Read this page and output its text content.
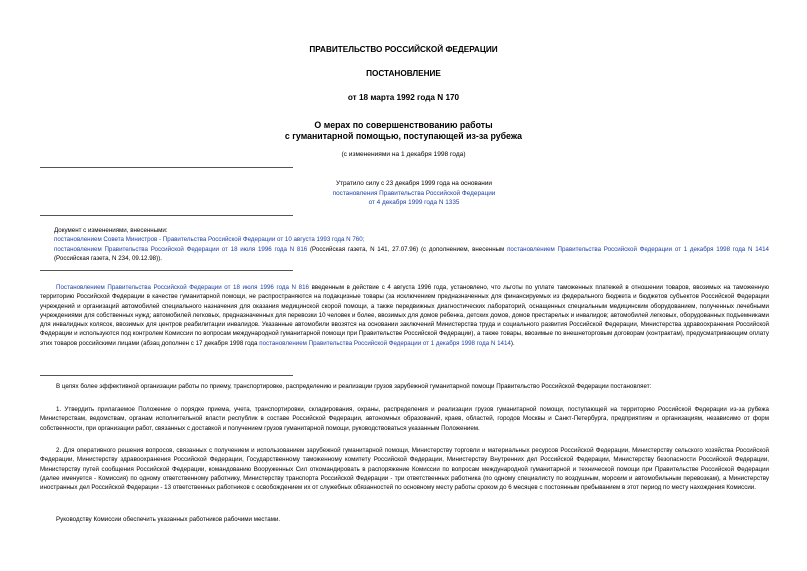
ПРАВИТЕЛЬСТВО РОССИЙСКОЙ ФЕДЕРАЦИИ
ПОСТАНОВЛЕНИЕ
от 18 марта 1992 года N 170
О мерах по совершенствованию работы
с гуманитарной помощью, поступающей из-за рубежа
(с изменениями на 1 декабря 1998 года)
Утратило силу с 23 декабря 1999 года на основании
постановления Правительства Российской Федерации
от 4 декабря 1999 года N 1335

Документ с изменениями, внесенными:

постановлением Совета Министров - Правительства Российской Федерации от 10 августа 1993 года N 760;

постановлением Правительства Российской Федерации от 18 июля 1996 года N 816 (Российская газета, N 141, 27.07.96) (с дополнением, внесенным постановлением Правительства Российской Федерации от 1 декабря 1998 года N 1414 (Российская газета, N 234, 09.12.98)).

Постановлением Правительства Российской Федерации от 18 июля 1996 года N 816 введенным в действие с 4 августа 1996 года, установлено, что льготы по уплате таможенных платежей в отношении товаров, ввозимых на таможенную территорию Российской Федерации в качестве гуманитарной помощи, не распространяются на подакцизные товары (за исключением предназначенных для финансируемых из федерального бюджета и бюджетов субъектов Российской Федерации учреждений и организаций автомобилей специального назначения для оказания медицинской скорой помощи, а также передвижных диагностических лабораторий, оснащенных специальным медицинским оборудованием, полученных лечебными учреждениями для собственных нужд; автомобилей легковых, предназначенных для перевозки 10 человек и более, ввозимых для домов ребенка, детских домов, домов престарелых и инвалидов; автомобилей легковых, оборудованных подъемниками для инвалидных колясок, ввозимых для центров реабилитации инвалидов. Указанные автомобили ввозятся на основании заключений Министерства труда и социального развития Российской Федерации, Министерства здравоохранения Российской Федерации и используются под контролем Комиссии по вопросам международной гуманитарной помощи при Правительстве Российской Федерации), а также товары, ввозимые по внешнеторговым договорам (контрактам), предусматривающим оплату этих товаров российскими лицами (абзац дополнен с 17 декабря 1998 года постановлением Правительства Российской Федерации от 1 декабря 1998 года N 1414).

В целях более эффективной организации работы по приему, транспортировке, распределению и реализации грузов зарубежной гуманитарной помощи Правительство Российской Федерации постановляет:

1. Утвердить прилагаемое Положение о порядке приема, учета, транспортировки, складирования, охраны, распределения и реализации грузов гуманитарной помощи, поступающей на территорию Российской Федерации из-за рубежа Министерствам, ведомствам, органам исполнительной власти республик в составе Российской Федерации, автономных образований, краев, областей, городов Москвы и Санкт-Петербурга, предприятиям и организациям, независимо от форм собственности, при организации работ, связанных с доставкой и получением грузов гуманитарной помощи, руководствоваться указанным Положением.

2. Для оперативного решения вопросов, связанных с получением и использованием зарубежной гуманитарной помощи, Министерству торговли и материальных ресурсов Российской Федерации, Министерству сельского хозяйства Российской Федерации, Министерству здравоохранения Российской Федерации, Государственному таможенному комитету Российской Федерации, Министерству Внутренних дел Российской Федерации, Министерству безопасности Российской Федерации, Министерству путей сообщения Российской Федерации, командованию Вооруженных Сил откомандировать в распоряжение Комиссии по вопросам международной гуманитарной и технической помощи при Правительстве Российской Федерации (далее именуется - Комиссия) по одному ответственному работнику, Министерству транспорта Российской Федерации - три ответственных работника (по одному специалисту по воздушным, морским и автомобильным перевозкам), а Министерству иностранных дел Российской Федерации - 13 ответственных работников с освобождением их от служебных обязанностей по основному месту работы сроком до 6 месяцев с постоянным пребыванием в этот период по месту нахождения Комиссии.

Руководству Комиссии обеспечить указанных работников рабочими местами.
